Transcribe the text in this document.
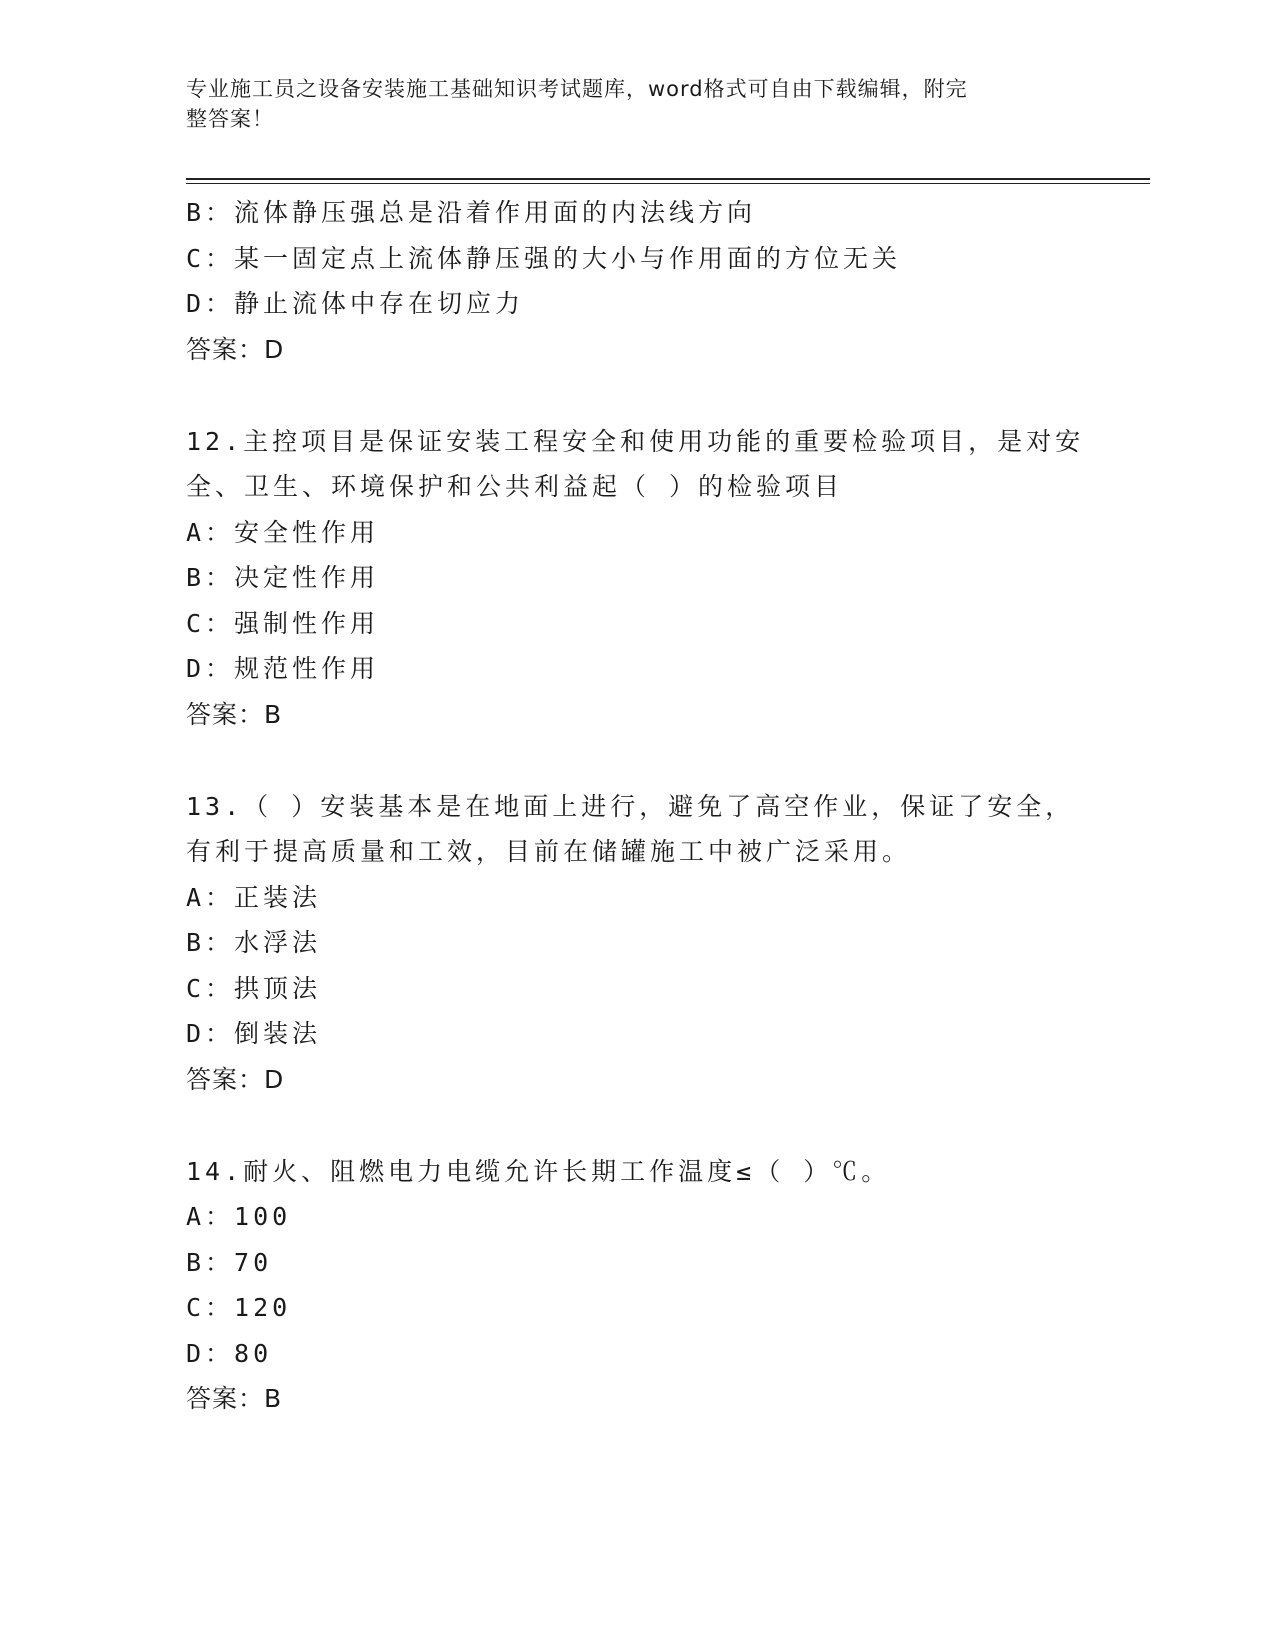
专业施工员之设备安装施工基础知识考试题库，word格式可自由下载编辑，附完
整答案！
B：流体静压强总是沿着作用面的内法线方向
C：某一固定点上流体静压强的大小与作用面的方位无关
D：静止流体中存在切应力
答案：D
12.主控项目是保证安装工程安全和使用功能的重要检验项目，是对安
全、卫生、环境保护和公共利益起（ ）的检验项目
A：安全性作用
B：决定性作用
C：强制性作用
D：规范性作用
答案：B
13.（ ）安装基本是在地面上进行，避免了高空作业，保证了安全，
有利于提高质量和工效，目前在储罐施工中被广泛采用。
A：正装法
B：水浮法
C：拱顶法
D：倒装法
答案：D
14.耐火、阻燃电力电缆允许长期工作温度≤（ ）℃。
A：100
B：70
C：120
D：80
答案：B
